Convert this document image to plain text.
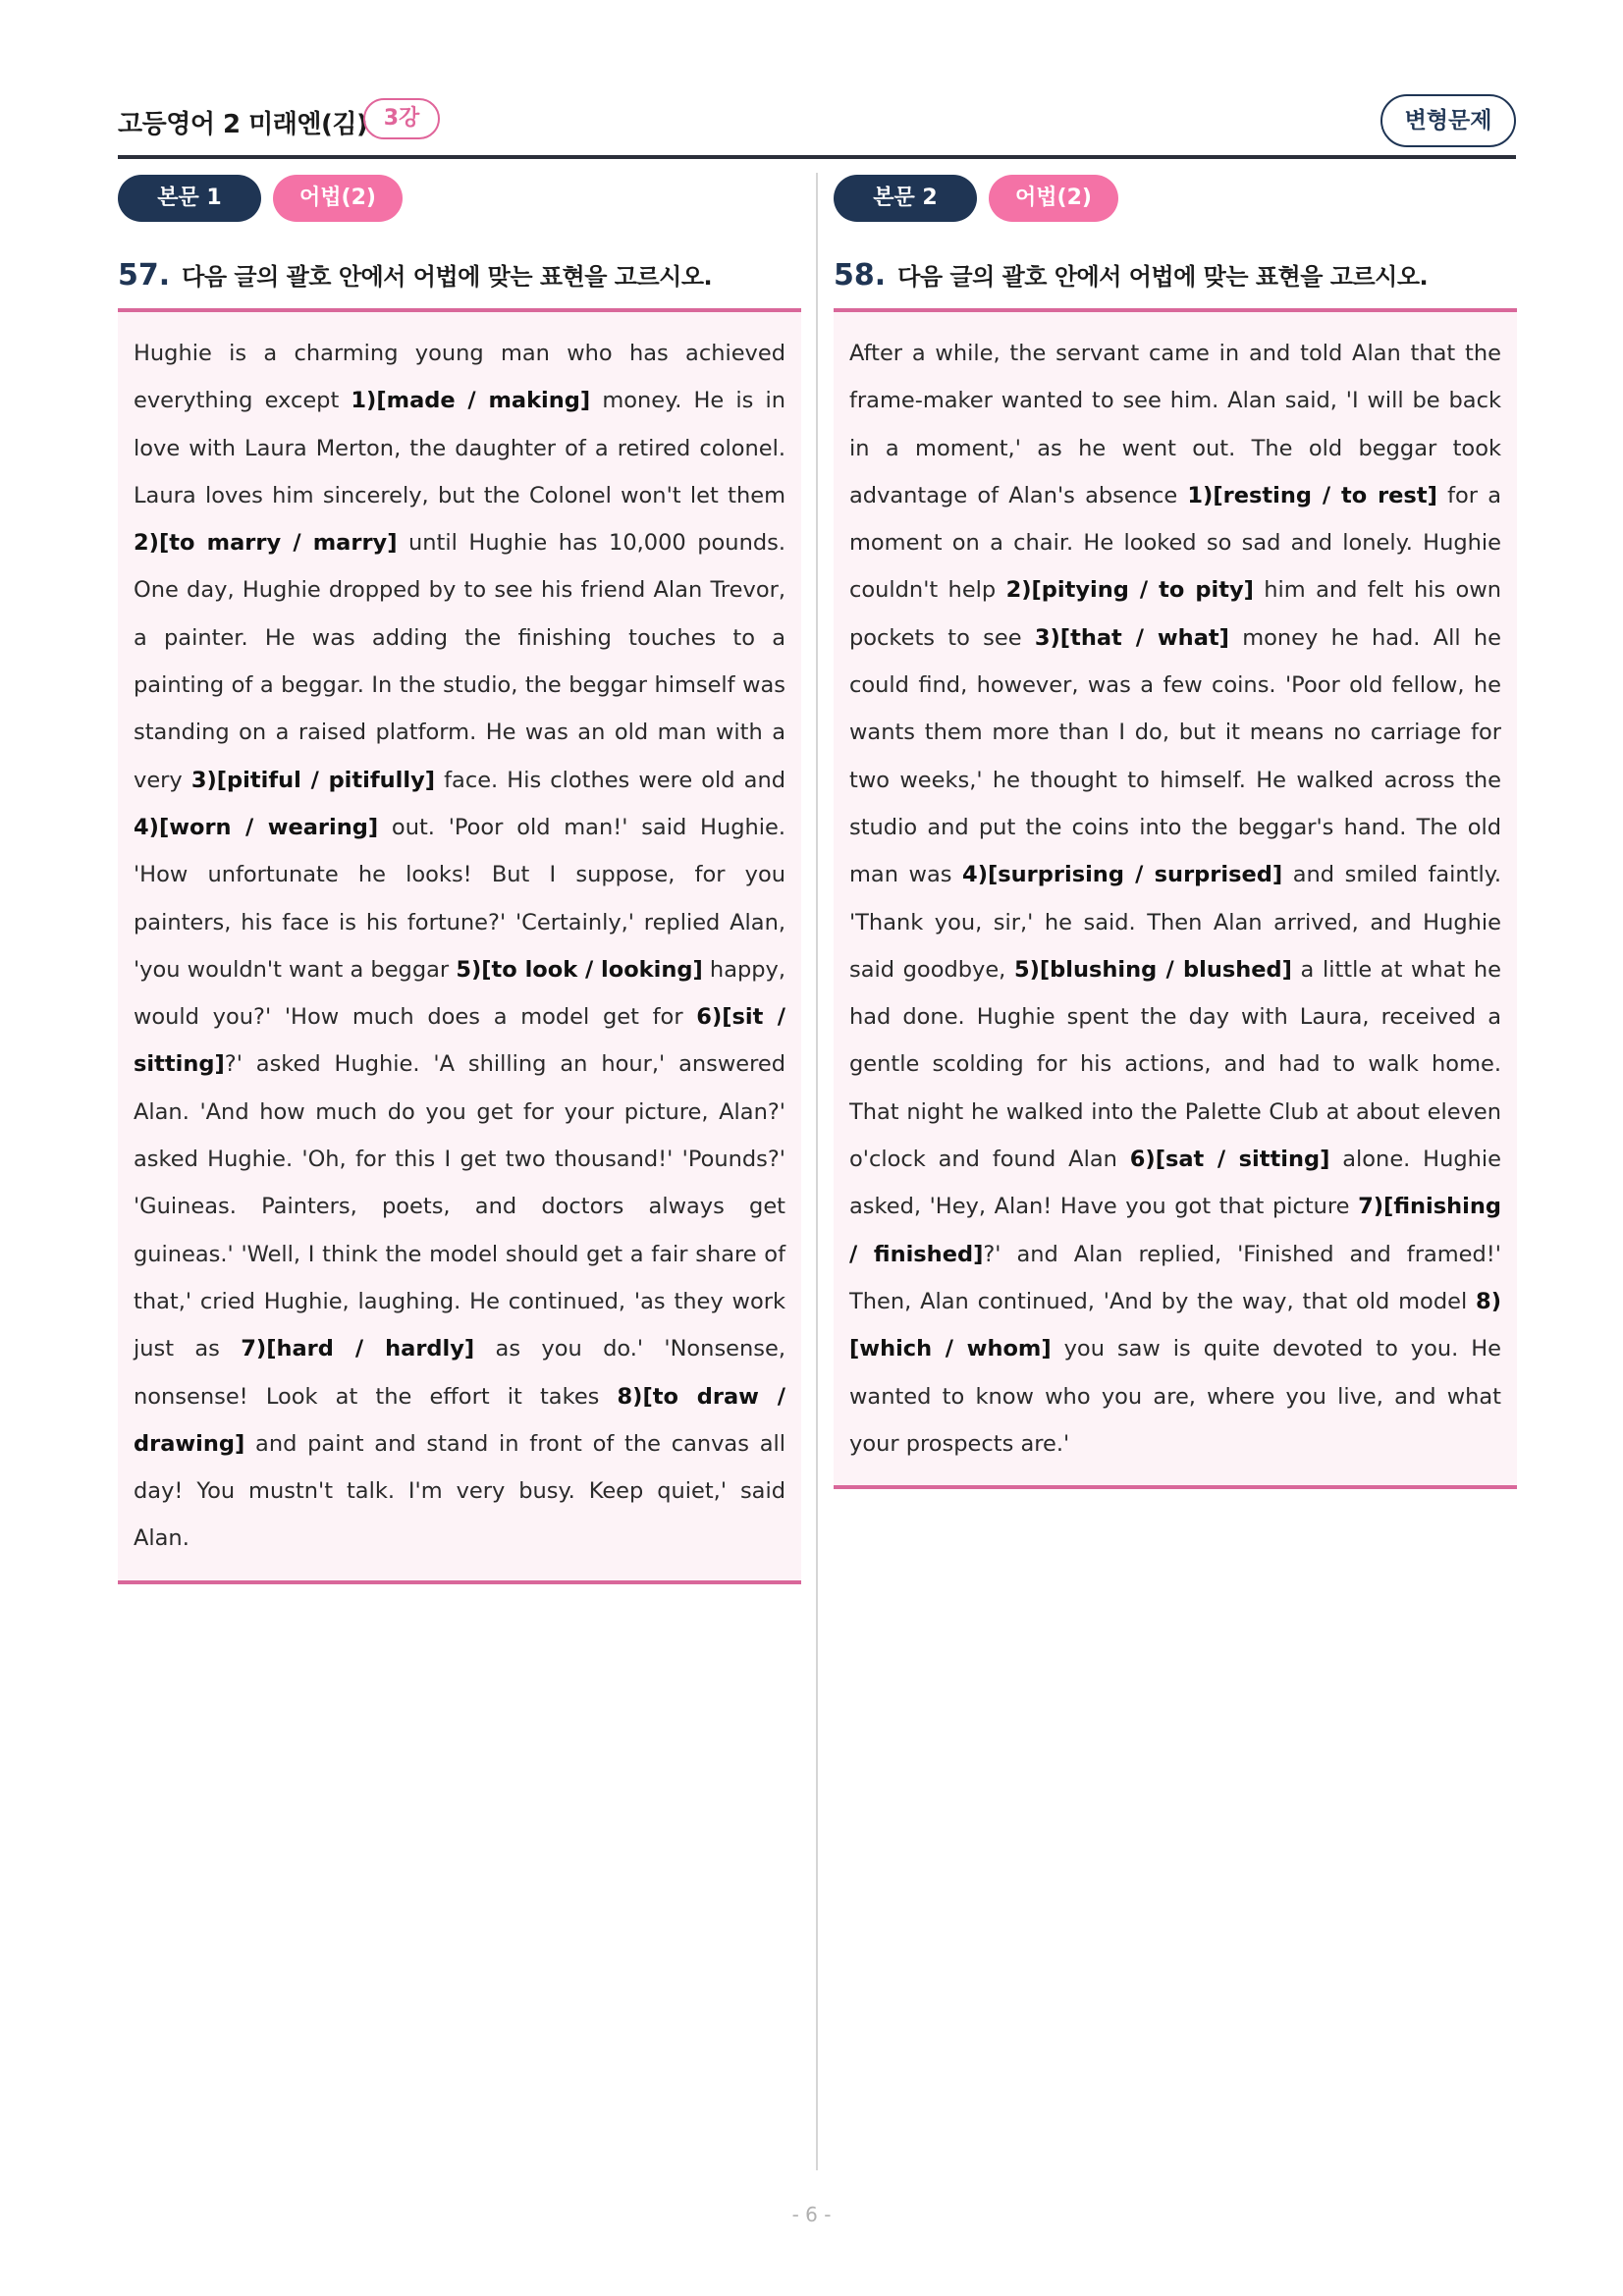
고등영어 2 미래엔(김) 3강	변형문제
본문 1	어법(2)
57. 다음 글의 괄호 안에서 어법에 맞는 표현을 고르시오.
Hughie is a charming young man who has achieved everything except 1)[made / making] money. He is in love with Laura Merton, the daughter of a retired colonel. Laura loves him sincerely, but the Colonel won't let them 2)[to marry / marry] until Hughie has 10,000 pounds. One day, Hughie dropped by to see his friend Alan Trevor, a painter. He was adding the finishing touches to a painting of a beggar. In the studio, the beggar himself was standing on a raised platform. He was an old man with a very 3)[pitiful / pitifully] face. His clothes were old and 4)[worn / wearing] out. 'Poor old man!' said Hughie. 'How unfortunate he looks! But I suppose, for you painters, his face is his fortune?' 'Certainly,' replied Alan, 'you wouldn't want a beggar 5)[to look / looking] happy, would you?' 'How much does a model get for 6)[sit / sitting]?' asked Hughie. 'A shilling an hour,' answered Alan. 'And how much do you get for your picture, Alan?' asked Hughie. 'Oh, for this I get two thousand!' 'Pounds?' 'Guineas. Painters, poets, and doctors always get guineas.' 'Well, I think the model should get a fair share of that,' cried Hughie, laughing. He continued, 'as they work just as 7)[hard / hardly] as you do.' 'Nonsense, nonsense! Look at the effort it takes 8)[to draw / drawing] and paint and stand in front of the canvas all day! You mustn't talk. I'm very busy. Keep quiet,' said Alan.
본문 2	어법(2)
58. 다음 글의 괄호 안에서 어법에 맞는 표현을 고르시오.
After a while, the servant came in and told Alan that the frame-maker wanted to see him. Alan said, 'I will be back in a moment,' as he went out. The old beggar took advantage of Alan's absence 1)[resting / to rest] for a moment on a chair. He looked so sad and lonely. Hughie couldn't help 2)[pitying / to pity] him and felt his own pockets to see 3)[that / what] money he had. All he could find, however, was a few coins. 'Poor old fellow, he wants them more than I do, but it means no carriage for two weeks,' he thought to himself. He walked across the studio and put the coins into the beggar's hand. The old man was 4)[surprising / surprised] and smiled faintly. 'Thank you, sir,' he said. Then Alan arrived, and Hughie said goodbye, 5)[blushing / blushed] a little at what he had done. Hughie spent the day with Laura, received a gentle scolding for his actions, and had to walk home. That night he walked into the Palette Club at about eleven o'clock and found Alan 6)[sat / sitting] alone. Hughie asked, 'Hey, Alan! Have you got that picture 7)[finishing / finished]?' and Alan replied, 'Finished and framed!' Then, Alan continued, 'And by the way, that old model 8)[which / whom] you saw is quite devoted to you. He wanted to know who you are, where you live, and what your prospects are.'
- 6 -
